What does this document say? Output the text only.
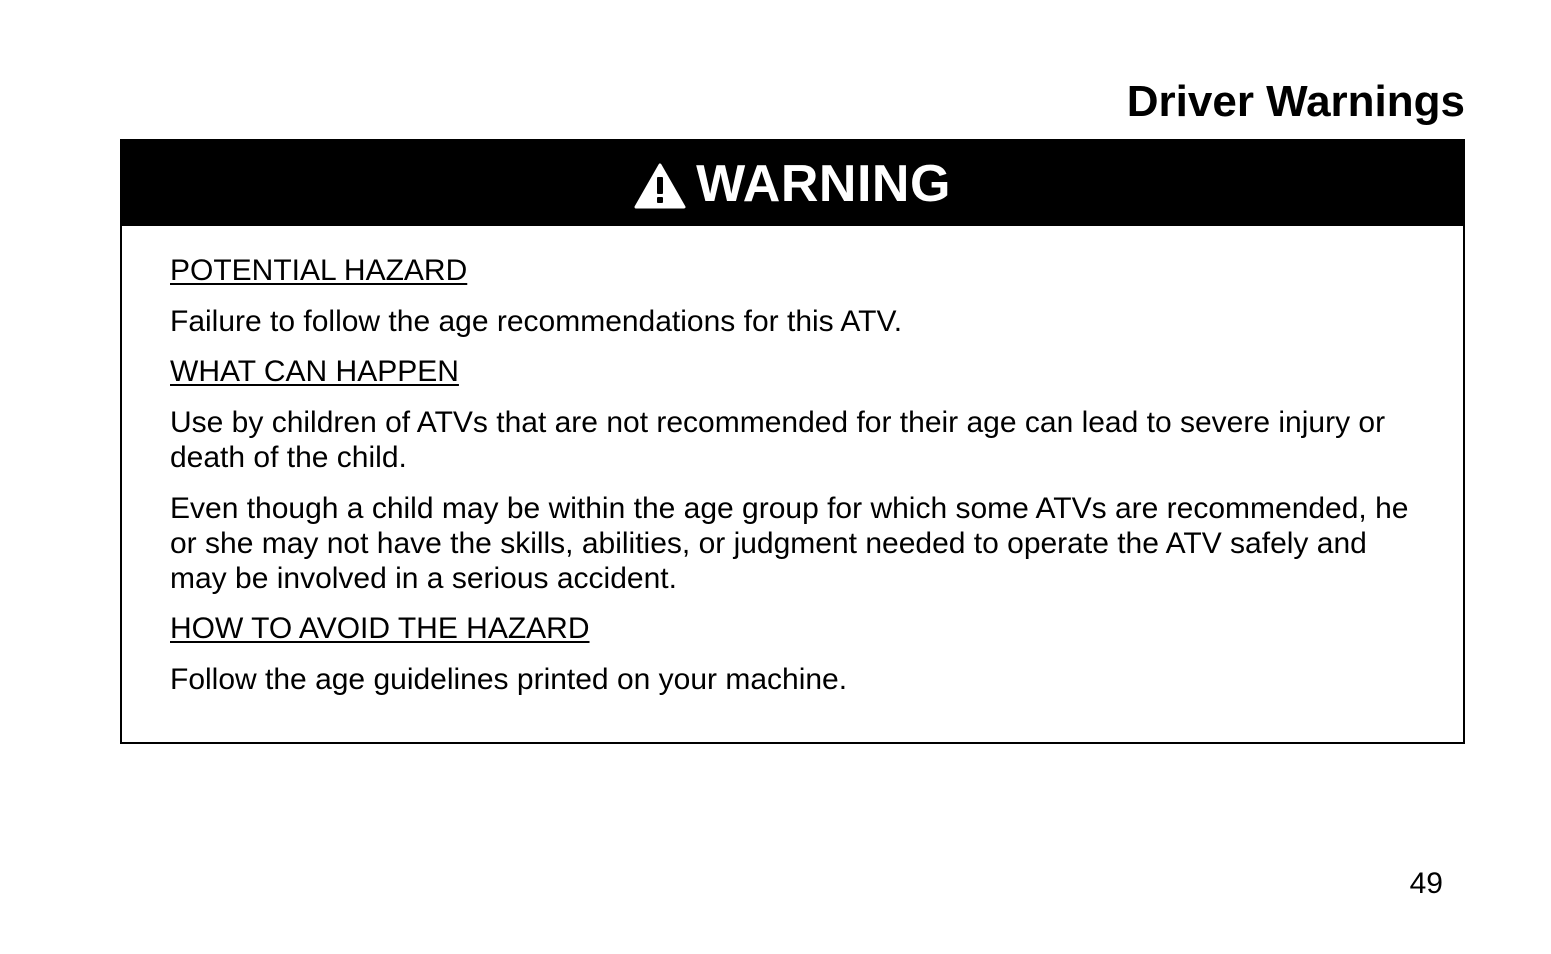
Driver Warnings
WARNING

POTENTIAL HAZARD

Failure to follow the age recommendations for this ATV.

WHAT CAN HAPPEN

Use by children of ATVs that are not recommended for their age can lead to severe injury or death of the child.

Even though a child may be within the age group for which some ATVs are recommended, he or she may not have the skills, abilities, or judgment needed to operate the ATV safely and may be involved in a serious accident.

HOW TO AVOID THE HAZARD

Follow the age guidelines printed on your machine.

49
